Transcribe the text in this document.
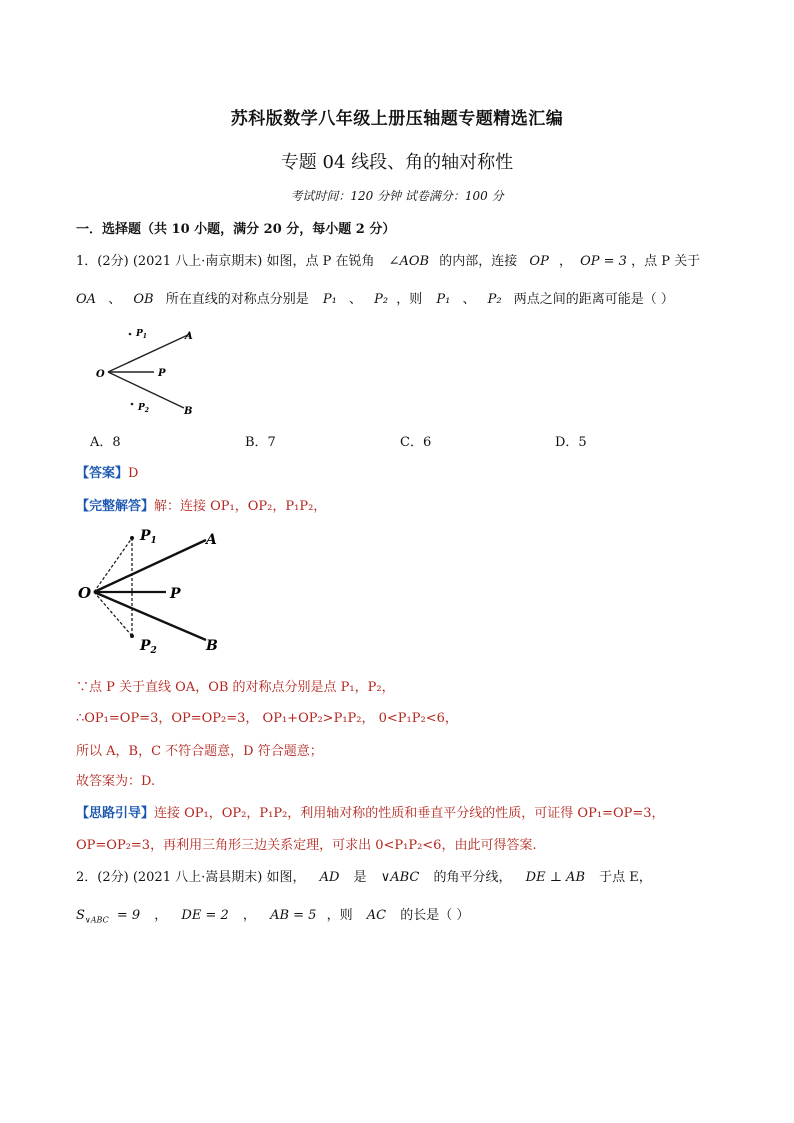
苏科版数学八年级上册压轴题专题精选汇编
专题 04 线段、角的轴对称性
考试时间：120 分钟 试卷满分：100 分
一．选择题（共 10 小题，满分 20 分，每小题 2 分）
1．(2分) (2021 八上·南京期末) 如图，点 P 在锐角 ∠AOB 的内部，连接 OP ， OP = 3 ，点 P 关于
OA 、 OB 所在直线的对称点分别是 P₁ 、 P₂ ，则 P₁ 、 P₂ 两点之间的距离可能是（ ）
O
A
B
P
$P_1$
$P_2$
A．8	B．7	C．6	D．5
【答案】D
【完整解答】解：连接 OP₁，OP₂，P₁P₂，
O
A
B
P
$P_1$
$P_2$
∵点 P 关于直线 OA，OB 的对称点分别是点 P₁，P₂，
∴OP₁=OP=3，OP=OP₂=3， OP₁+OP₂>P₁P₂， 0<P₁P₂<6，
所以 A，B，C 不符合题意，D 符合题意；
故答案为：D.
【思路引导】连接 OP₁，OP₂，P₁P₂，利用轴对称的性质和垂直平分线的性质，可证得 OP₁=OP=3，
OP=OP₂=3，再利用三角形三边关系定理，可求出 0<P₁P₂<6，由此可得答案.
2．(2分) (2021 八上·嵩县期末) 如图， AD 是 ∨ABC 的角平分线， DE ⊥ AB 于点 E，
$S_{\vee ABC} = 9$ ， DE = 2 ， AB = 5 ，则 AC 的长是（ ）
